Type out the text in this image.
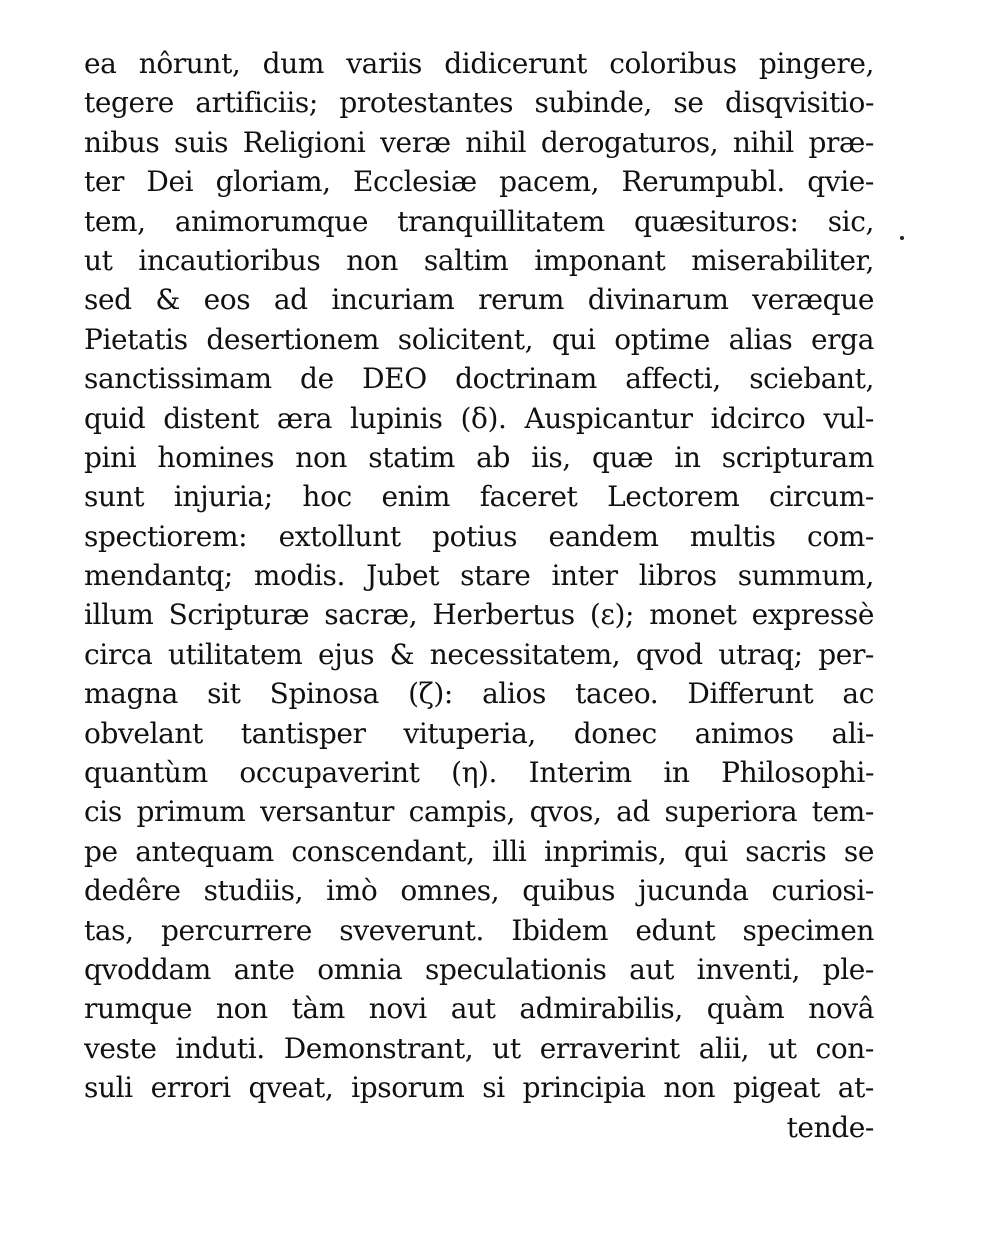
ea nôrunt, dum variis didicerunt coloribus pingere,
tegere artificiis; protestantes subinde, se disqvisitio-
nibus suis Religioni veræ nihil derogaturos, nihil præ-
ter Dei gloriam, Ecclesiæ pacem, Rerumpubl. qvie-
tem, animorumque tranquillitatem quæsituros: sic,
ut incautioribus non saltim imponant miserabiliter,
sed & eos ad incuriam rerum divinarum veræque
Pietatis desertionem solicitent, qui optime alias erga
sanctissimam de DEO doctrinam affecti, sciebant,
quid distent æra lupinis (δ). Auspicantur idcirco vul-
pini homines non statim ab iis, quæ in scripturam
sunt injuria; hoc enim faceret Lectorem circum-
spectiorem: extollunt potius eandem multis com-
mendantq; modis. Jubet stare inter libros summum,
illum Scripturæ sacræ, Herbertus (ε); monet expressè
circa utilitatem ejus & necessitatem, qvod utraq; per-
magna sit Spinosa (ζ): alios taceo. Differunt ac
obvelant tantisper vituperia, donec animos ali-
quantùm occupaverint (η). Interim in Philosophi-
cis primum versantur campis, qvos, ad superiora tem-
pe antequam conscendant, illi inprimis, qui sacris se
dedêre studiis, imò omnes, quibus jucunda curiosi-
tas, percurrere sveverunt. Ibidem edunt specimen
qvoddam ante omnia speculationis aut inventi, ple-
rumque non tàm novi aut admirabilis, quàm novâ
veste induti. Demonstrant, ut erraverint alii, ut con-
suli errori qveat, ipsorum si principia non pigeat at-
tende-
